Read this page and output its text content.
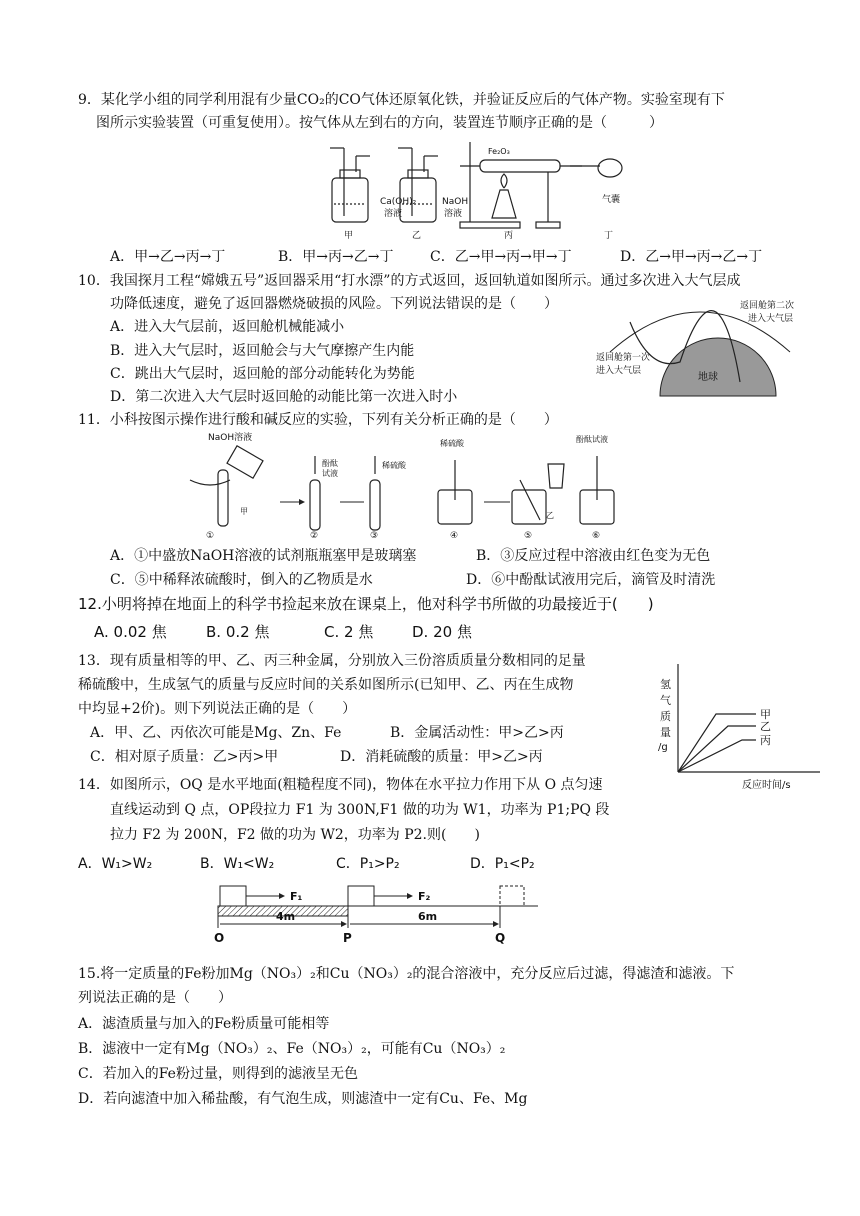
9．某化学小组的同学利用混有少量CO₂的CO气体还原氧化铁，并验证反应后的气体产物。实验室现有下
图所示实验装置（可重复使用）。按气体从左到右的方向，装置连节顺序正确的是（　　　）
Ca(OH)₂
溶液
NaOH
溶液
Fe₂O₃
气囊
甲	乙	丙	丁
A．甲→乙→丙→丁	B．甲→丙→乙→丁	C．乙→甲→丙→甲→丁	D．乙→甲→丙→乙→丁
10．我国探月工程“嫦娥五号”返回器采用“打水漂”的方式返回，返回轨道如图所示。通过多次进入大气层成
功降低速度，避免了返回器燃烧破损的风险。下列说法错误的是（　　）
A．进入大气层前，返回舱机械能减小
B．进入大气层时，返回舱会与大气摩擦产生内能
C．跳出大气层时，返回舱的部分动能转化为势能
D．第二次进入大气层时返回舱的动能比第一次进入时小
地球
返回舱第二次
进入大气层
返回舱第一次
进入大气层
11．小科按图示操作进行酸和碱反应的实验，下列有关分析正确的是（　　）
NaOH溶液
甲
酚酞
试液
稀硫酸
稀硫酸
乙
酚酞试液
①	②	③	④	⑤	⑥
A．①中盛放NaOH溶液的试剂瓶瓶塞甲是玻璃塞	B．③反应过程中溶液由红色变为无色
C．⑤中稀释浓硫酸时，倒入的乙物质是水	D．⑥中酚酞试液用完后，滴管及时清洗
12.小明将掉在地面上的科学书捡起来放在课桌上，他对科学书所做的功最接近于(　　)
A. 0.02 焦	B. 0.2 焦	C. 2 焦	D. 20 焦
13．现有质量相等的甲、乙、丙三种金属，分别放入三份溶质质量分数相同的足量
稀硫酸中，生成氢气的质量与反应时间的关系如图所示(已知甲、乙、丙在生成物
中均显+2价)。则下列说法正确的是（　　）
A．甲、乙、丙依次可能是Mg、Zn、Fe	B．金属活动性：甲>乙>丙
C．相对原子质量：乙>丙>甲	D．消耗硫酸的质量：甲>乙>丙
氢
气
质
量
/g
甲
乙
丙
反应时间/s
14．如图所示，OQ 是水平地面(粗糙程度不同)，物体在水平拉力作用下从 O 点匀速
直线运动到 Q 点，OP段拉力 F1 为 300N,F1 做的功为 W1，功率为 P1;PQ 段
拉力 F2 为 200N，F2 做的功为 W2，功率为 P2.则(　　)
A．W₁>W₂	B．W₁<W₂	C．P₁>P₂	D．P₁<P₂
F₁	F₂
O
4m
P
6m
Q
15.将一定质量的Fe粉加Mg（NO₃）₂和Cu（NO₃）₂的混合溶液中，充分反应后过滤，得滤渣和滤液。下
列说法正确的是（　　）
A．滤渣质量与加入的Fe粉质量可能相等
B．滤液中一定有Mg（NO₃）₂、Fe（NO₃）₂，可能有Cu（NO₃）₂
C．若加入的Fe粉过量，则得到的滤液呈无色
D．若向滤渣中加入稀盐酸，有气泡生成，则滤渣中一定有Cu、Fe、Mg
